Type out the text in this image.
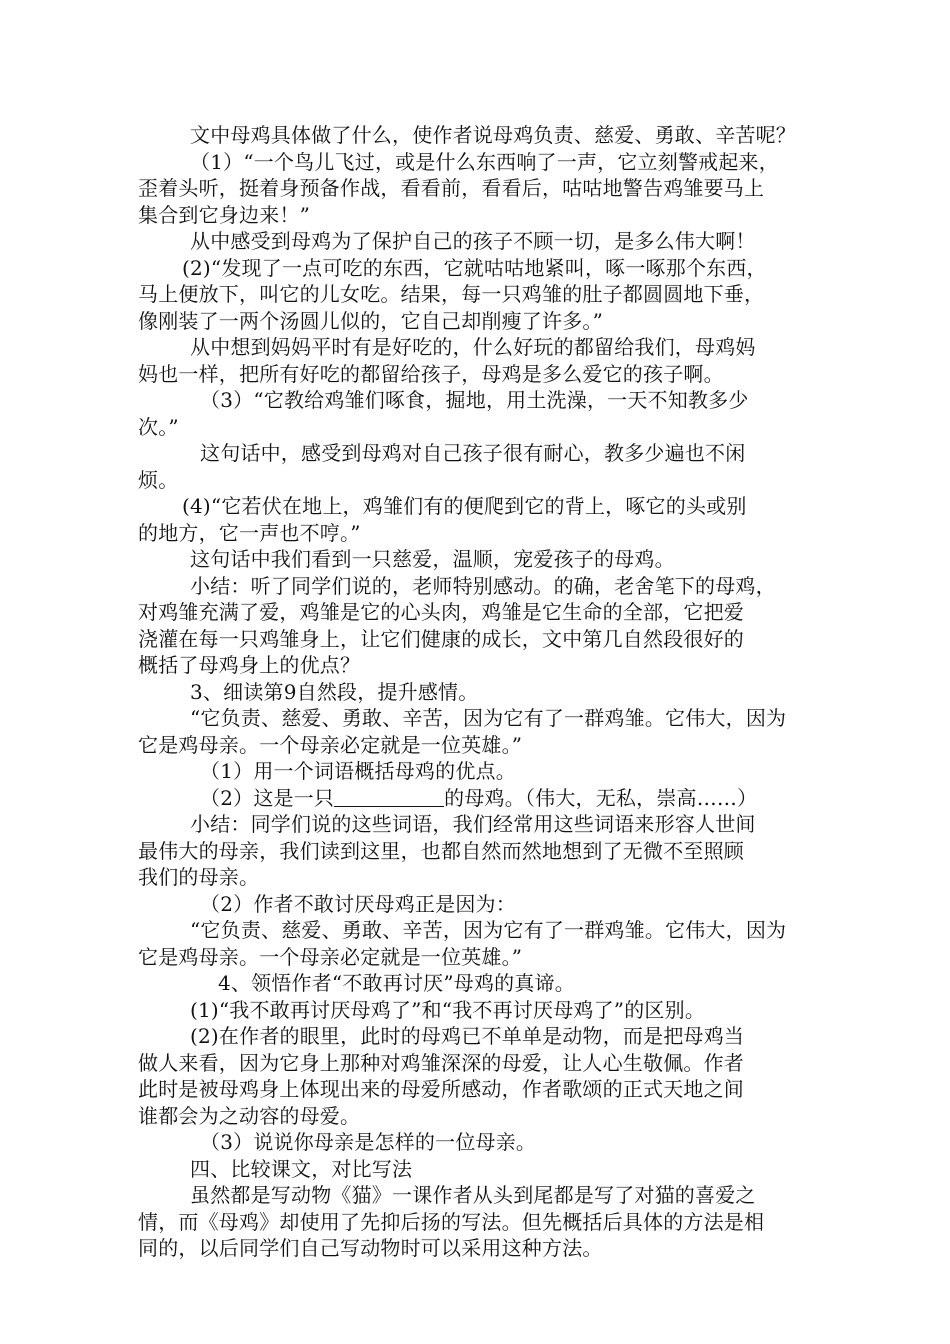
文中母鸡具体做了什么，使作者说母鸡负责、慈爱、勇敢、辛苦呢？
（1）“一个鸟儿飞过，或是什么东西响了一声，它立刻警戒起来，
歪着头听，挺着身预备作战，看看前，看看后，咕咕地警告鸡雏要马上
集合到它身边来！”
从中感受到母鸡为了保护自己的孩子不顾一切，是多么伟大啊！
(2)“发现了一点可吃的东西，它就咕咕地紧叫，啄一啄那个东西，
马上便放下，叫它的儿女吃。结果，每一只鸡雏的肚子都圆圆地下垂，
像刚装了一两个汤圆儿似的，它自己却削瘦了许多。”
从中想到妈妈平时有是好吃的，什么好玩的都留给我们，母鸡妈
妈也一样，把所有好吃的都留给孩子，母鸡是多么爱它的孩子啊。
（3）“它教给鸡雏们啄食，掘地，用土洗澡，一天不知教多少
次。”
这句话中，感受到母鸡对自己孩子很有耐心，教多少遍也不闲
烦。
(4)“它若伏在地上，鸡雏们有的便爬到它的背上，啄它的头或别
的地方，它一声也不哼。”
这句话中我们看到一只慈爱，温顺，宠爱孩子的母鸡。
小结：听了同学们说的，老师特别感动。的确，老舍笔下的母鸡，
对鸡雏充满了爱，鸡雏是它的心头肉，鸡雏是它生命的全部，它把爱
浇灌在每一只鸡雏身上，让它们健康的成长，文中第几自然段很好的
概括了母鸡身上的优点？
3、细读第9自然段，提升感情。
“它负责、慈爱、勇敢、辛苦，因为它有了一群鸡雏。它伟大，因为
它是鸡母亲。一个母亲必定就是一位英雄。”
（1）用一个词语概括母鸡的优点。
（2）这是一只	的母鸡。（伟大，无私，崇高……）
小结：同学们说的这些词语，我们经常用这些词语来形容人世间
最伟大的母亲，我们读到这里，也都自然而然地想到了无微不至照顾
我们的母亲。
（2）作者不敢讨厌母鸡正是因为：
“它负责、慈爱、勇敢、辛苦，因为它有了一群鸡雏。它伟大，因为
它是鸡母亲。一个母亲必定就是一位英雄。”
4、领悟作者“不敢再讨厌”母鸡的真谛。
(1)“我不敢再讨厌母鸡了”和“我不再讨厌母鸡了”的区别。
(2)在作者的眼里，此时的母鸡已不单单是动物，而是把母鸡当
做人来看，因为它身上那种对鸡雏深深的母爱，让人心生敬佩。作者
此时是被母鸡身上体现出来的母爱所感动，作者歌颂的正式天地之间
谁都会为之动容的母爱。
（3）说说你母亲是怎样的一位母亲。
四、比较课文，对比写法
虽然都是写动物《猫》一课作者从头到尾都是写了对猫的喜爱之
情，而《母鸡》却使用了先抑后扬的写法。但先概括后具体的方法是相
同的，以后同学们自己写动物时可以采用这种方法。
